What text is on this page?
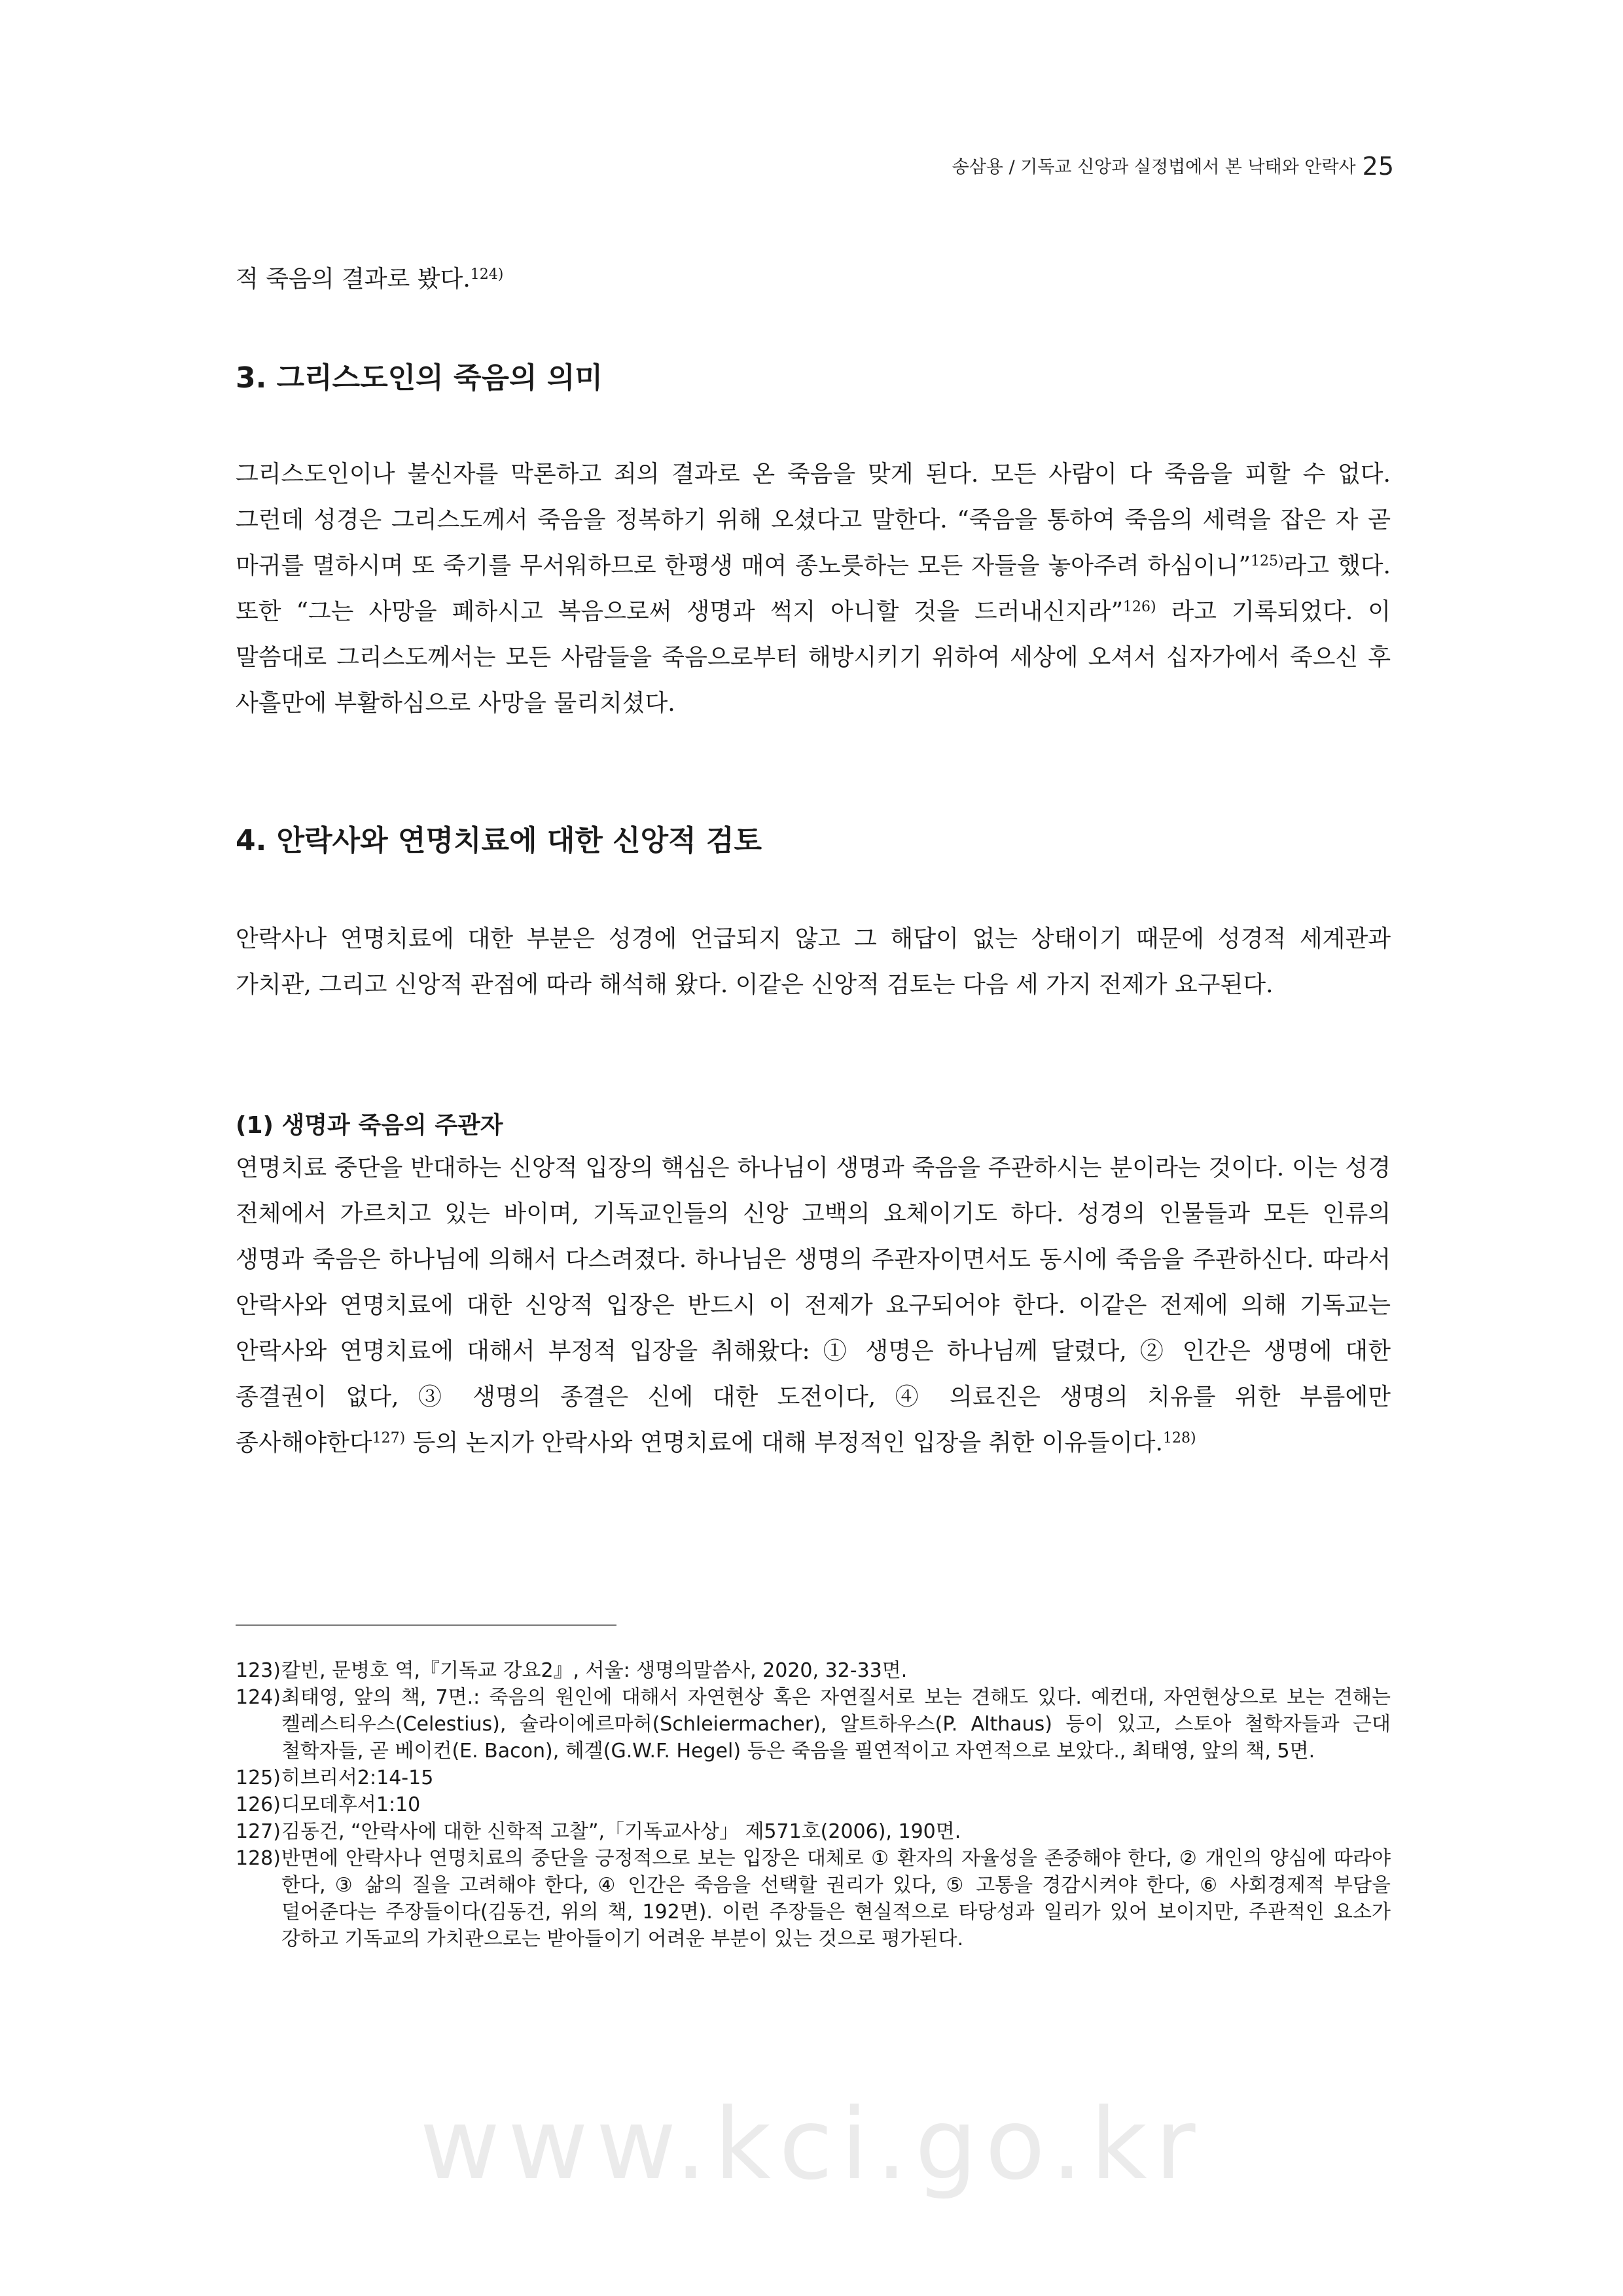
송삼용 / 기독교 신앙과 실정법에서 본 낙태와 안락사 25

적 죽음의 결과로 봤다.$^{124)}$

3. 그리스도인의 죽음의 의미

그리스도인이나 불신자를 막론하고 죄의 결과로 온 죽음을 맞게 된다. 모든 사람이 다 죽음을 피할 수 없다. 그런데 성경은 그리스도께서 죽음을 정복하기 위해 오셨다고 말한다. “죽음을 통하여 죽음의 세력을 잡은 자 곧 마귀를 멸하시며 또 죽기를 무서워하므로 한평생 매여 종노릇하는 모든 자들을 놓아주려 하심이니”$^{125)}$라고 했다. 또한 “그는 사망을 폐하시고 복음으로써 생명과 썩지 아니할 것을 드러내신지라”$^{126)}$ 라고 기록되었다. 이 말씀대로 그리스도께서는 모든 사람들을 죽음으로부터 해방시키기 위하여 세상에 오셔서 십자가에서 죽으신 후 사흘만에 부활하심으로 사망을 물리치셨다.

4. 안락사와 연명치료에 대한 신앙적 검토

안락사나 연명치료에 대한 부분은 성경에 언급되지 않고 그 해답이 없는 상태이기 때문에 성경적 세계관과 가치관, 그리고 신앙적 관점에 따라 해석해 왔다. 이같은 신앙적 검토는 다음 세 가지 전제가 요구된다.

(1) 생명과 죽음의 주관자

연명치료 중단을 반대하는 신앙적 입장의 핵심은 하나님이 생명과 죽음을 주관하시는 분이라는 것이다. 이는 성경 전체에서 가르치고 있는 바이며, 기독교인들의 신앙 고백의 요체이기도 하다. 성경의 인물들과 모든 인류의 생명과 죽음은 하나님에 의해서 다스려졌다. 하나님은 생명의 주관자이면서도 동시에 죽음을 주관하신다. 따라서 안락사와 연명치료에 대한 신앙적 입장은 반드시 이 전제가 요구되어야 한다. 이같은 전제에 의해 기독교는 안락사와 연명치료에 대해서 부정적 입장을 취해왔다: ① 생명은 하나님께 달렸다, ② 인간은 생명에 대한 종결권이 없다, ③ 생명의 종결은 신에 대한 도전이다, ④ 의료진은 생명의 치유를 위한 부름에만 종사해야한다$^{127)}$ 등의 논지가 안락사와 연명치료에 대해 부정적인 입장을 취한 이유들이다.$^{128)}$

123) 칼빈, 문병호 역,『기독교 강요2』, 서울: 생명의말씀사, 2020, 32-33면.
124) 최태영, 앞의 책, 7면.: 죽음의 원인에 대해서 자연현상 혹은 자연질서로 보는 견해도 있다. 예컨대, 자연현상으로 보는 견해는 켈레스티우스(Celestius), 슐라이에르마허(Schleiermacher), 알트하우스(P. Althaus) 등이 있고, 스토아 철학자들과 근대 철학자들, 곧 베이컨(E. Bacon), 헤겔(G.W.F. Hegel) 등은 죽음을 필연적이고 자연적으로 보았다., 최태영, 앞의 책, 5면.
125) 히브리서2:14-15
126) 디모데후서1:10
127) 김동건, “안락사에 대한 신학적 고찰”,「기독교사상」 제571호(2006), 190면.
128) 반면에 안락사나 연명치료의 중단을 긍정적으로 보는 입장은 대체로 ① 환자의 자율성을 존중해야 한다, ② 개인의 양심에 따라야 한다, ③ 삶의 질을 고려해야 한다, ④ 인간은 죽음을 선택할 권리가 있다, ⑤ 고통을 경감시켜야 한다, ⑥ 사회경제적 부담을 덜어준다는 주장들이다(김동건, 위의 책, 192면). 이런 주장들은 현실적으로 타당성과 일리가 있어 보이지만, 주관적인 요소가 강하고 기독교의 가치관으로는 받아들이기 어려운 부분이 있는 것으로 평가된다.
www.kci.go.kr
